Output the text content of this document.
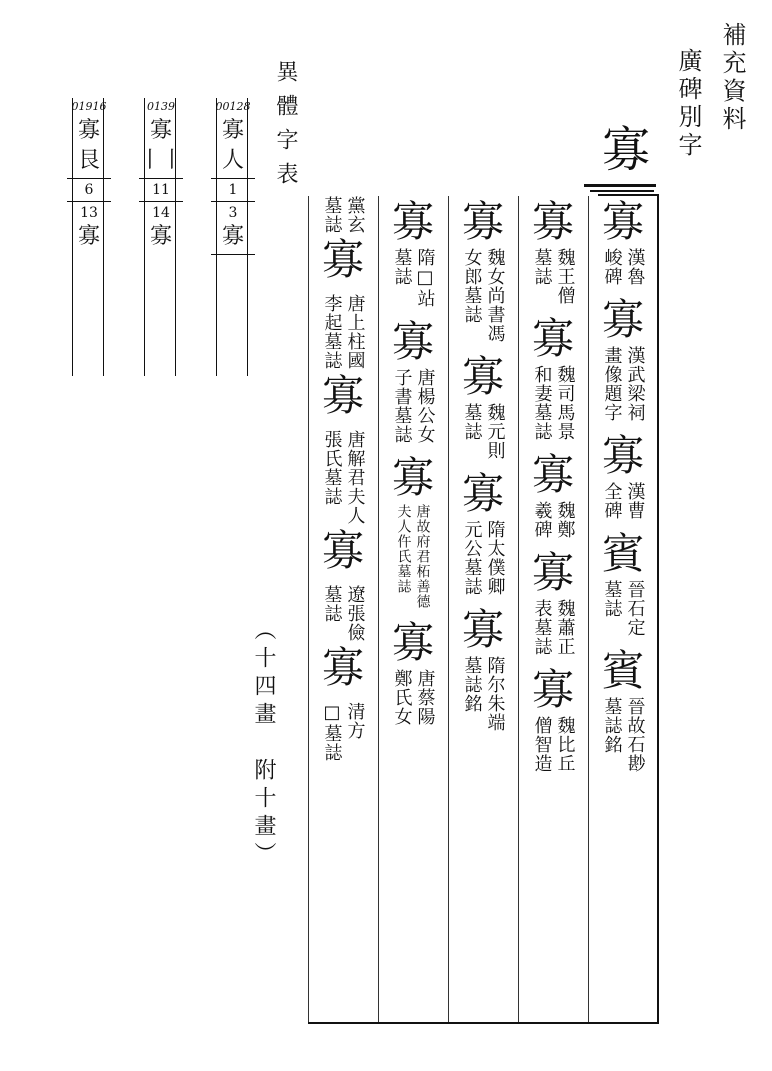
補充資料
廣碑別字
寡
寡
漢魯
峻碑
寡
漢武梁祠
畫像題字
寡
漢曹
全碑
賓
晉石定
墓誌
賓
晉故石尠
墓誌銘
寡
魏王僧
墓誌
寡
魏司馬景
和妻墓誌
寡
魏鄭
羲碑
寡
魏蕭正
表墓誌
寡
魏比丘
僧智造
寡
魏女尚書馮
女郎墓誌
寡
魏元則
墓誌
寡
隋太僕卿
元公墓誌
寡
隋尔朱端
墓誌銘
寡
隋□站
墓誌
寡
唐楊公女
子書墓誌
寡
唐故府君柘善德
夫人仵氏墓誌
寡
唐蔡陽
鄭氏女
黨玄
墓誌
寡
唐上柱國
李起墓誌
寡
唐解君夫人
張氏墓誌
寡
遼張儉
墓誌
寡
清方
□墓誌
異體字表
00128
寡
人
1
3
寡
0139
寡
丨丨
11
14
寡
01916
寡
艮
6
13
寡
（十四畫　附十畫）
